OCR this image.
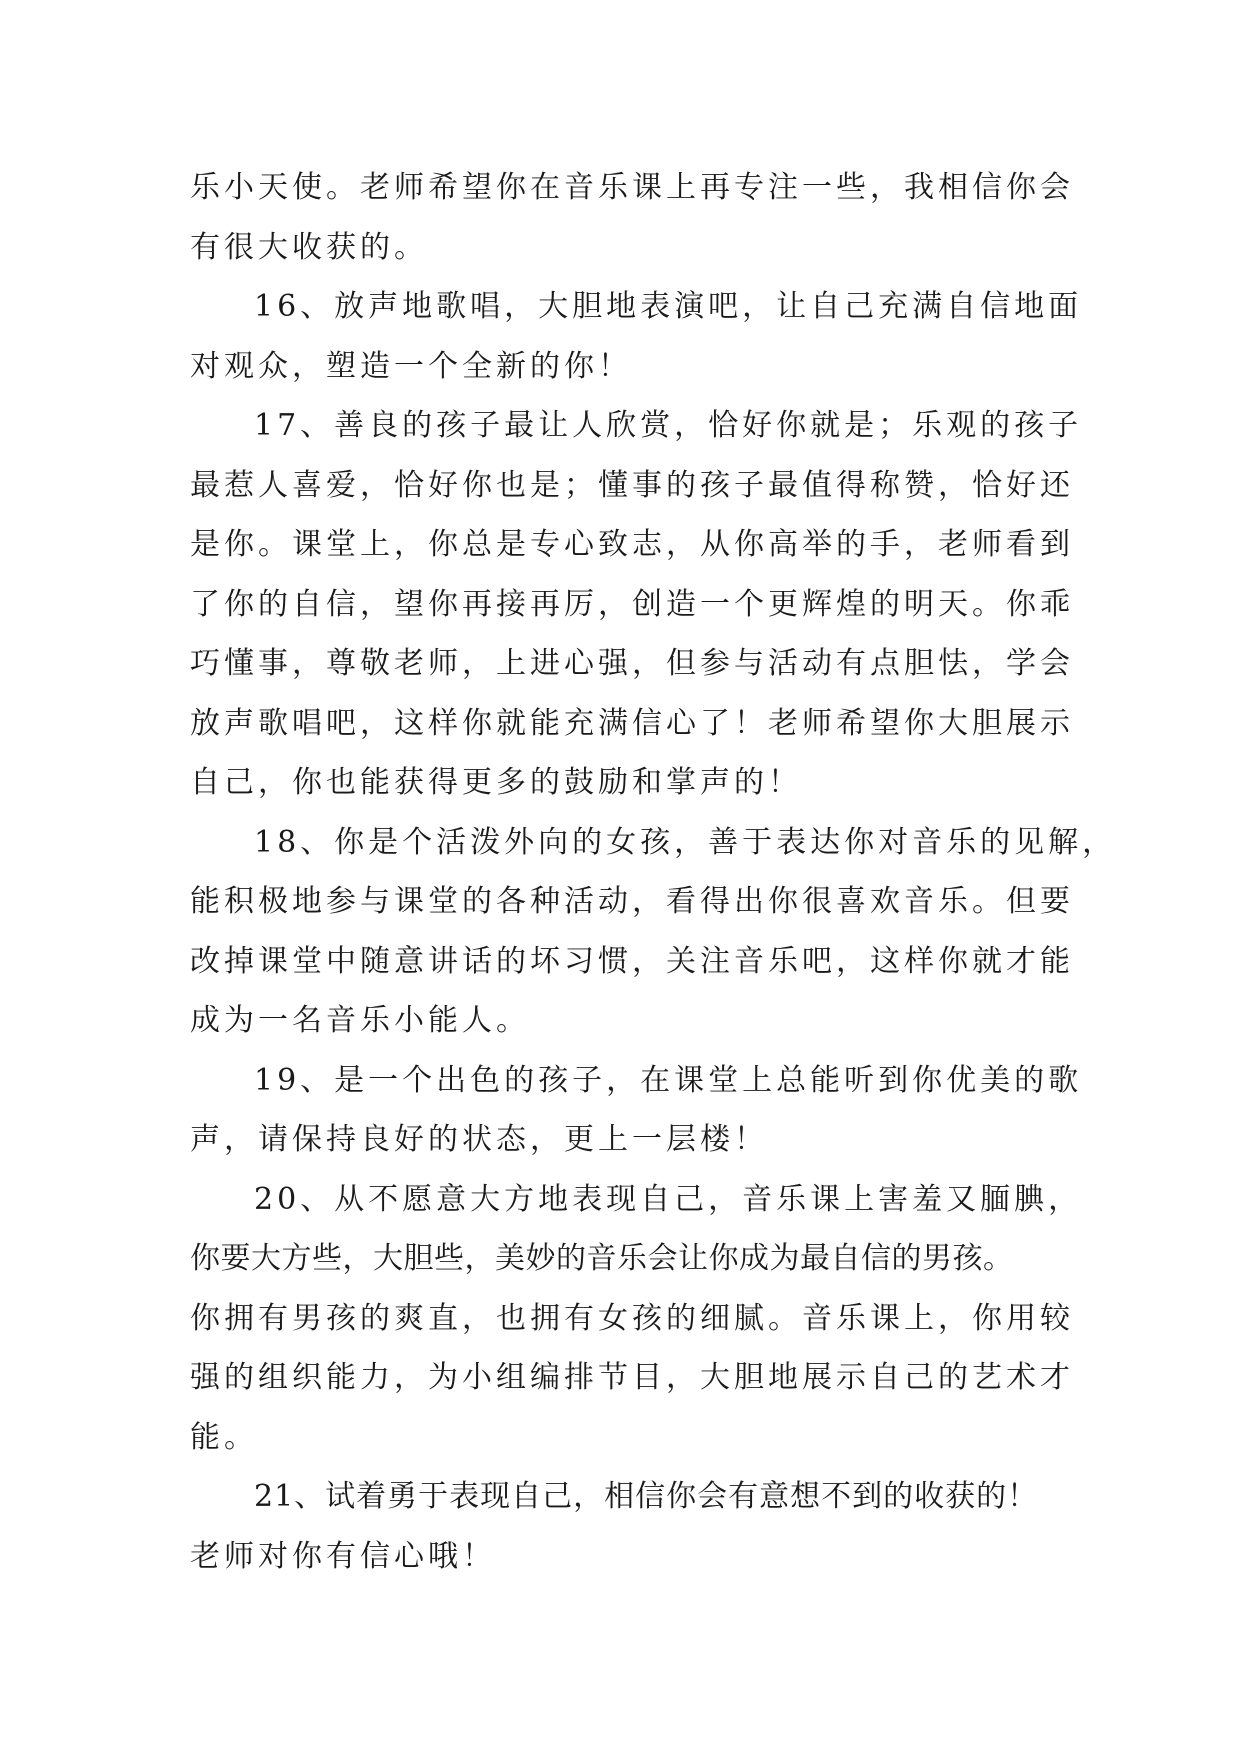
乐小天使。老师希望你在音乐课上再专注一些，我相信你会
有很大收获的。

16、放声地歌唱，大胆地表演吧，让自己充满自信地面
对观众，塑造一个全新的你！

17、善良的孩子最让人欣赏，恰好你就是；乐观的孩子
最惹人喜爱，恰好你也是；懂事的孩子最值得称赞，恰好还
是你。课堂上，你总是专心致志，从你高举的手，老师看到
了你的自信，望你再接再厉，创造一个更辉煌的明天。你乖
巧懂事，尊敬老师，上进心强，但参与活动有点胆怯，学会
放声歌唱吧，这样你就能充满信心了！老师希望你大胆展示
自己，你也能获得更多的鼓励和掌声的！

18、你是个活泼外向的女孩，善于表达你对音乐的见解，
能积极地参与课堂的各种活动，看得出你很喜欢音乐。但要
改掉课堂中随意讲话的坏习惯，关注音乐吧，这样你就才能
成为一名音乐小能人。

19、是一个出色的孩子，在课堂上总能听到你优美的歌
声，请保持良好的状态，更上一层楼！

20、从不愿意大方地表现自己，音乐课上害羞又腼腆，
你要大方些，大胆些，美妙的音乐会让你成为最自信的男孩。
你拥有男孩的爽直，也拥有女孩的细腻。音乐课上，你用较
强的组织能力，为小组编排节目，大胆地展示自己的艺术才
能。

21、试着勇于表现自己，相信你会有意想不到的收获的！
老师对你有信心哦！
